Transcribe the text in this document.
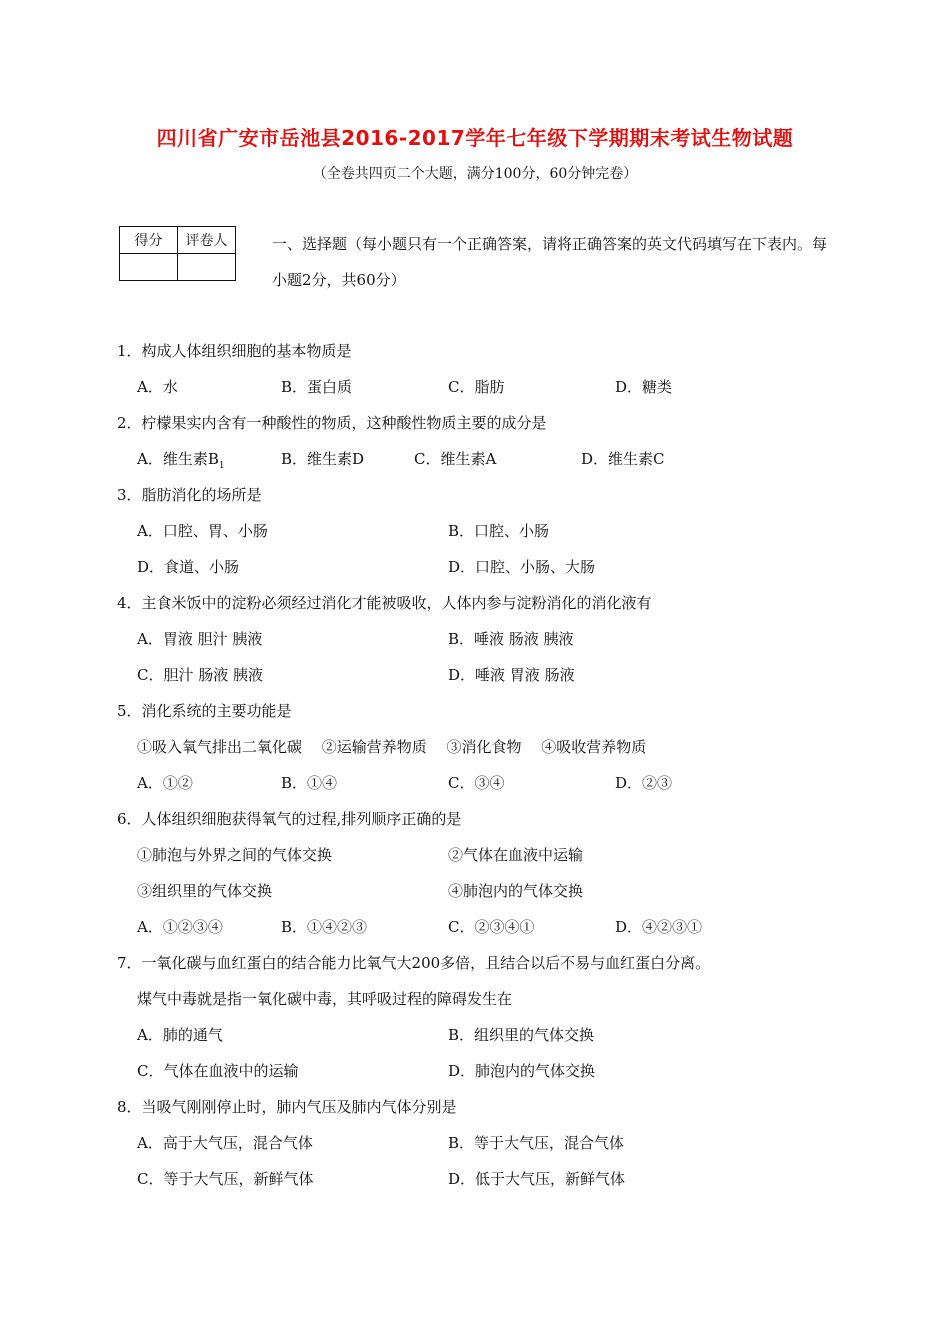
四川省广安市岳池县2016-2017学年七年级下学期期末考试生物试题
（全卷共四页二个大题，满分100分，60分钟完卷）
得分	评卷人
		一、选择题（每小题只有一个正确答案，请将正确答案的英文代码填写在下表内。每小题2分，共60分）
1．构成人体组织细胞的基本物质是
A．水	B．蛋白质	C．脂肪	D．糖类
2．柠檬果实内含有一种酸性的物质，这种酸性物质主要的成分是
A．维生素$B_1$	B．维生素D	C．维生素A	D．维生素C
3．脂肪消化的场所是
A．口腔、胃、小肠	B．口腔、小肠
D．食道、小肠	D．口腔、小肠、大肠
4．主食米饭中的淀粉必须经过消化才能被吸收，人体内参与淀粉消化的消化液有
A．胃液 胆汁 胰液	B．唾液 肠液 胰液
C．胆汁 肠液 胰液	D．唾液 胃液 肠液
5．消化系统的主要功能是
①吸入氧气排出二氧化碳　 ②运输营养物质　 ③消化食物　 ④吸收营养物质
A．①②	B．①④	C．③④	D．②③
6．人体组织细胞获得氧气的过程,排列顺序正确的是
①肺泡与外界之间的气体交换	②气体在血液中运输
③组织里的气体交换	④肺泡内的气体交换
A．①②③④	B．①④②③	C．②③④①	D．④②③①
7．一氧化碳与血红蛋白的结合能力比氧气大200多倍，且结合以后不易与血红蛋白分离。
煤气中毒就是指一氧化碳中毒，其呼吸过程的障碍发生在
A．肺的通气	B．组织里的气体交换
C．气体在血液中的运输	D．肺泡内的气体交换
8．当吸气刚刚停止时，肺内气压及肺内气体分别是
A．高于大气压，混合气体	B．等于大气压，混合气体
C．等于大气压，新鲜气体	D．低于大气压，新鲜气体
